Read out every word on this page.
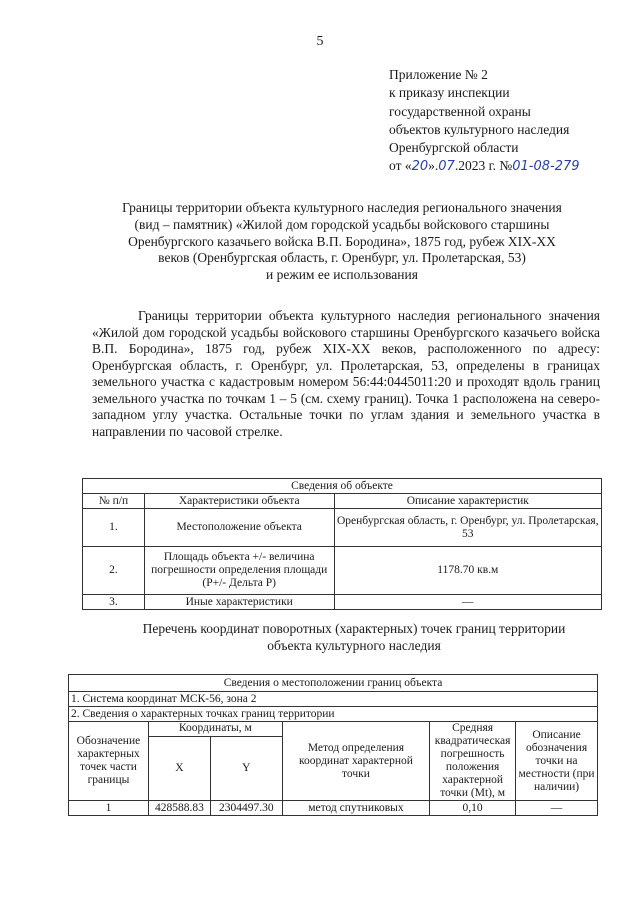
5
Приложение № 2
к приказу инспекции
государственной охраны
объектов культурного наследия
Оренбургской области
от «20».07.2023 г. №01-08-279
Границы территории объекта культурного наследия регионального значения
(вид – памятник) «Жилой дом городской усадьбы войскового старшины
Оренбургского казачьего войска В.П. Бородина», 1875 год, рубеж XIX-XX
веков (Оренбургская область, г. Оренбург, ул. Пролетарская, 53)
и режим ее использования

Границы территории объекта культурного наследия регионального значения «Жилой дом городской усадьбы войскового старшины Оренбургского казачьего войска В.П. Бородина», 1875 год, рубеж XIX-XX веков, расположенного по адресу: Оренбургская область, г. Оренбург, ул. Пролетарская, 53, определены в границах земельного участка с кадастровым номером 56:44:0445011:20 и проходят вдоль границ земельного участка по точкам 1 – 5 (см. схему границ). Точка 1 расположена на северо-западном углу участка. Остальные точки по углам здания и земельного участка в направлении по часовой стрелке.

Сведения об объекте		
№ п/п	Характеристики объекта	Описание характеристик
1.	Местоположение объекта	Оренбургская область, г. Оренбург, ул. Пролетарская, 53
2.	Площадь объекта +/- величина погрешности определения площади (Р+/- Дельта Р)	1178.70 кв.м
3.	Иные характеристики	—
Перечень координат поворотных (характерных) точек границ территории
объекта культурного наследия
Сведения о местоположении границ объекта					
1. Система координат МСК-56, зона 2					
2. Сведения о характерных точках границ территории					
Обозначение характерных точек части границы	Координаты, м		Метод определения координат характерной точки	Средняя квадратическая погрешность положения характерной точки (Mt), м	Описание обозначения точки на местности (при наличии)
	X	Y			
1	428588.83	2304497.30	метод спутниковых	0,10	—
